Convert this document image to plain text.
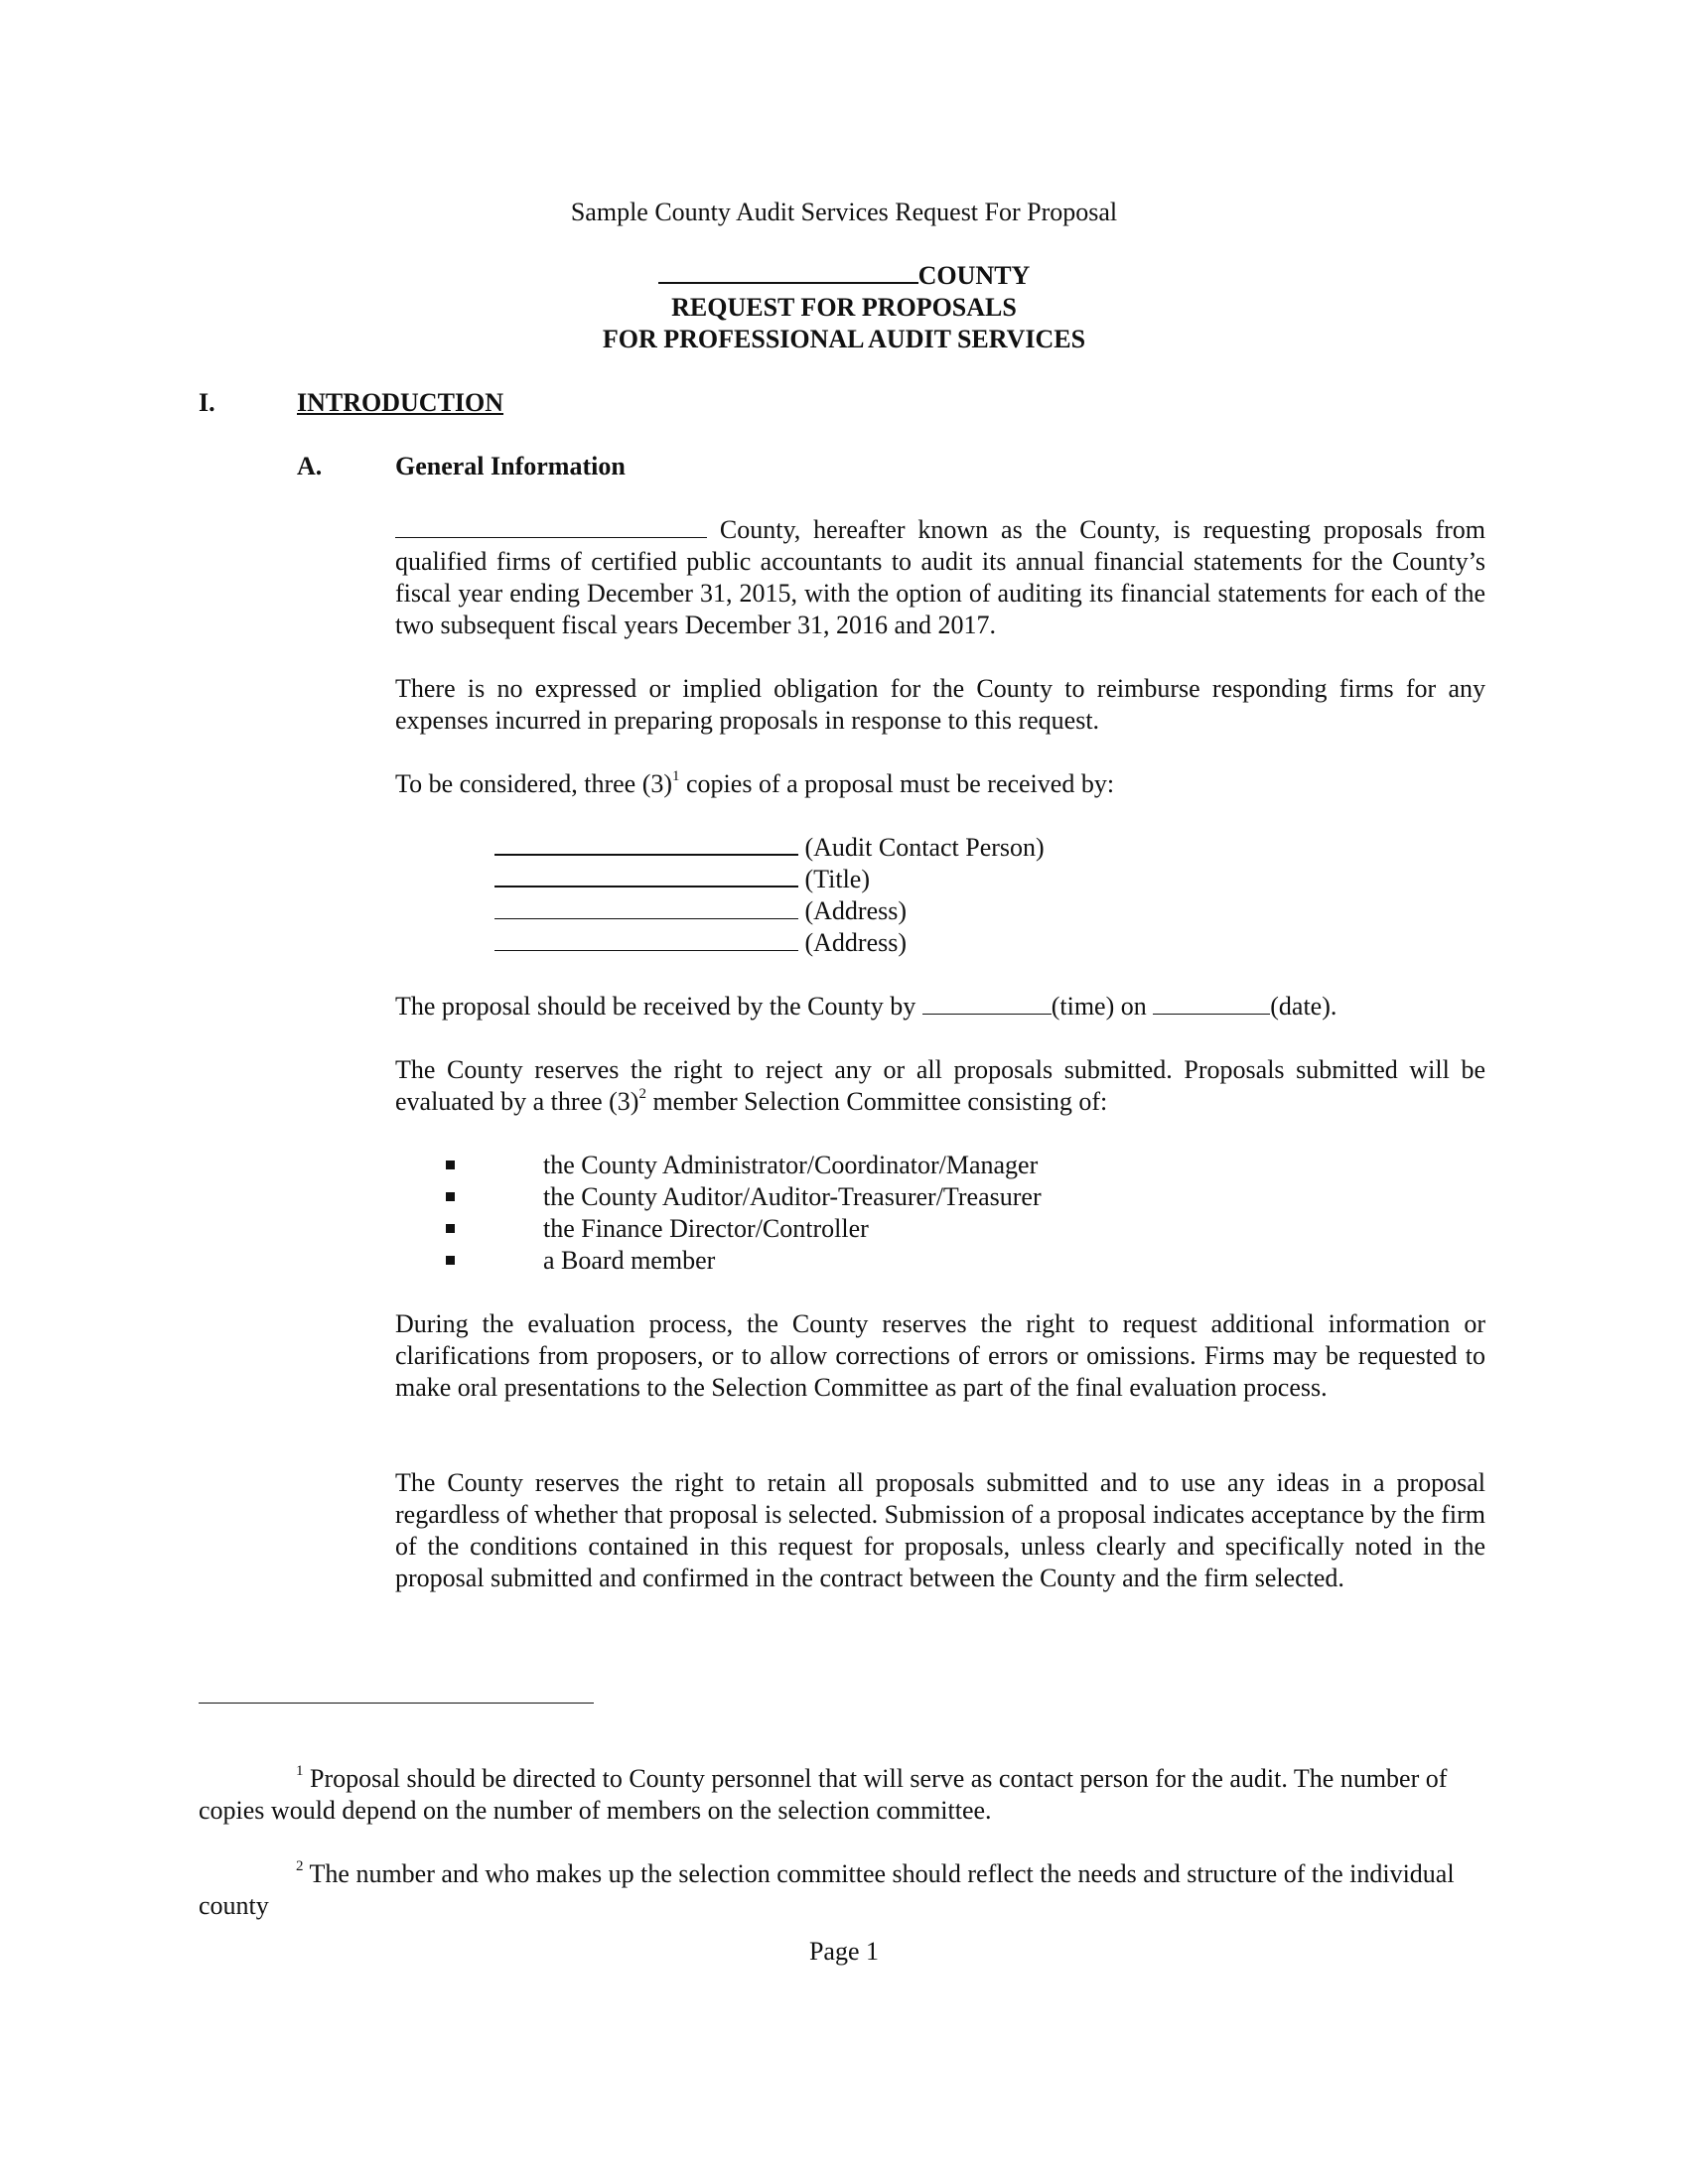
Sample County Audit Services Request For Proposal
COUNTY
REQUEST FOR PROPOSALS
FOR PROFESSIONAL AUDIT SERVICES
I.	INTRODUCTION
A.	General Information
County, hereafter known as the County, is requesting proposals from qualified firms of certified public accountants to audit its annual financial statements for the County’s fiscal year ending December 31, 2015, with the option of auditing its financial statements for each of the two subsequent fiscal years December 31, 2016 and 2017.
There is no expressed or implied obligation for the County to reimburse responding firms for any expenses incurred in preparing proposals in response to this request.
To be considered, three $(3)^1$ copies of a proposal must be received by:
(Audit Contact Person)
(Title)
(Address)
(Address)
The proposal should be received by the County by	(time) on	(date).
The County reserves the right to reject any or all proposals submitted. Proposals submitted will be evaluated by a three $(3)^2$ member Selection Committee consisting of:
the County Administrator/Coordinator/Manager
the County Auditor/Auditor-Treasurer/Treasurer
the Finance Director/Controller
a Board member
During the evaluation process, the County reserves the right to request additional information or clarifications from proposers, or to allow corrections of errors or omissions. Firms may be requested to make oral presentations to the Selection Committee as part of the final evaluation process.
The County reserves the right to retain all proposals submitted and to use any ideas in a proposal regardless of whether that proposal is selected. Submission of a proposal indicates acceptance by the firm of the conditions contained in this request for proposals, unless clearly and specifically noted in the proposal submitted and confirmed in the contract between the County and the firm selected.
$^1$ Proposal should be directed to County personnel that will serve as contact person for the audit. The number of copies would depend on the number of members on the selection committee.
$^2$ The number and who makes up the selection committee should reflect the needs and structure of the individual county
Page 1
